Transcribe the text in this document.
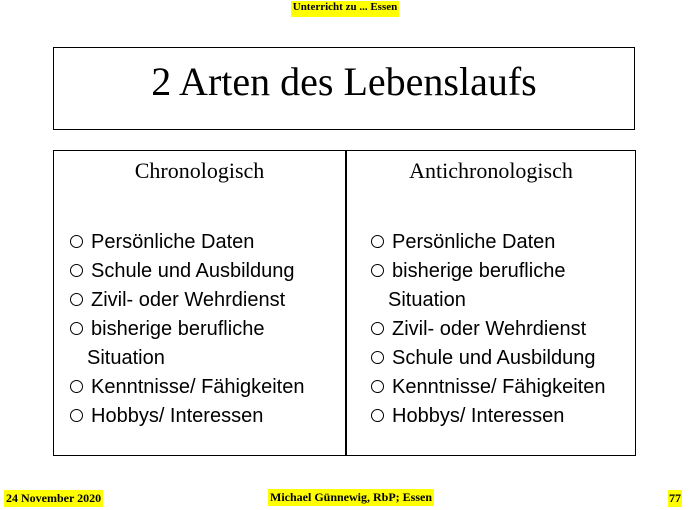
Unterricht zu ... Essen
2 Arten des Lebenslaufs
Chronologisch
Persönliche Daten
Schule und Ausbildung
Zivil- oder Wehrdienst
bisherige berufliche
Situation
Kenntnisse/ Fähigkeiten
Hobbys/ Interessen
Antichronologisch
Persönliche Daten
bisherige berufliche
Situation
Zivil- oder Wehrdienst
Schule und Ausbildung
Kenntnisse/ Fähigkeiten
Hobbys/ Interessen
24 November 2020	Michael Günnewig, RbP; Essen	77
